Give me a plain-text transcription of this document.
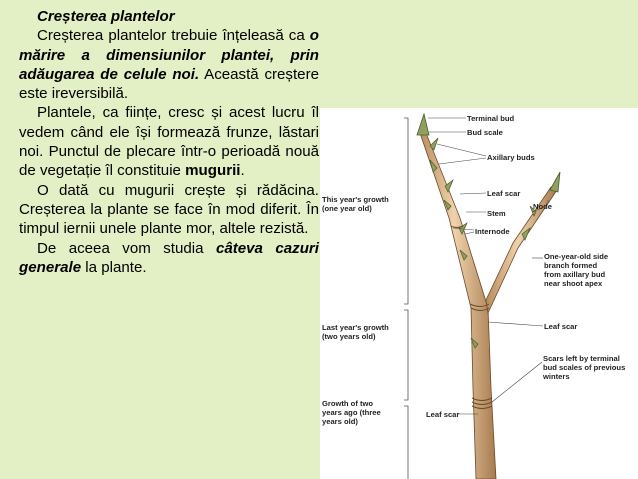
Creșterea plantelor

Creșterea plantelor trebuie înțeleasă ca o mărire a dimensiunilor plantei, prin adăugarea de celule noi. Această creștere este ireversibilă.

Plantele, ca ființe, cresc și acest lucru îl vedem când ele își formează frunze, lăstari noi. Punctul de plecare într-o perioadă nouă de vegetație îl constituie mugurii.

O dată cu mugurii crește și rădăcina. Creșterea la plante se face în mod diferit. În timpul iernii unele plante mor, altele rezistă.

De aceea vom studia câteva cazuri generale la plante.

Terminal bud
Bud scale
Axillary buds
Leaf scar
Stem
Node
Internode
One-year-old side
branch formed
from axillary bud
near shoot apex
Leaf scar
Scars left by terminal
bud scales of previous
winters
Leaf scar
This year's growth
(one year old)
Last year's growth
(two years old)
Growth of two
years ago (three
years old)
